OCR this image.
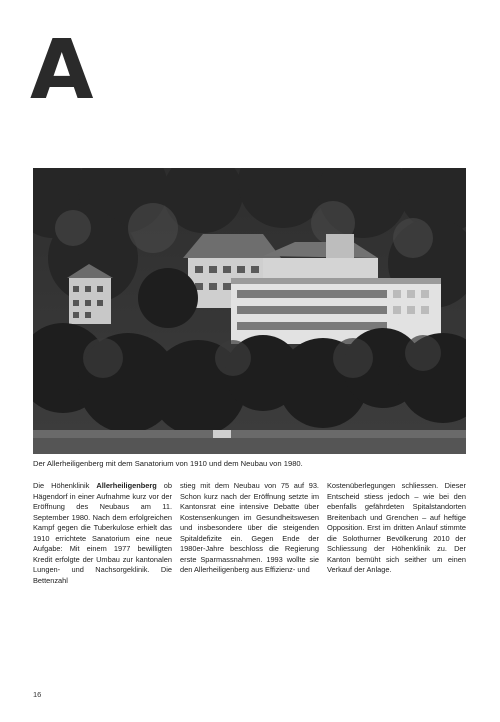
A
Der Allerheiligenberg mit dem Sanatorium von 1910 und dem Neubau von 1980.

Die Höhenklinik Allerheiligenberg ob Hägendorf in einer Aufnahme kurz vor der Eröffnung des Neubaus am 11. September 1980. Nach dem erfolgreichen Kampf gegen die Tuberkulose erhielt das 1910 errichtete Sanatorium eine neue Aufgabe: Mit einem 1977 bewilligten Kredit erfolgte der Umbau zur kantonalen Lungen- und Nachsorgeklinik. Die Bettenzahl

stieg mit dem Neubau von 75 auf 93. Schon kurz nach der Eröffnung setzte im Kantonsrat eine intensive Debatte über Kostensenkungen im Gesundheitswesen und insbesondere über die steigenden Spitaldefizite ein. Gegen Ende der 1980er-Jahre beschloss die Regierung erste Sparmassnahmen. 1993 wollte sie den Allerheiligenberg aus Effizienz- und

Kostenüberlegungen schliessen. Dieser Entscheid stiess jedoch – wie bei den ebenfalls gefährdeten Spitalstandorten Breitenbach und Grenchen – auf heftige Opposition. Erst im dritten Anlauf stimmte die Solothurner Bevölkerung 2010 der Schliessung der Höhenklinik zu. Der Kanton bemüht sich seither um einen Verkauf der Anlage.

16
